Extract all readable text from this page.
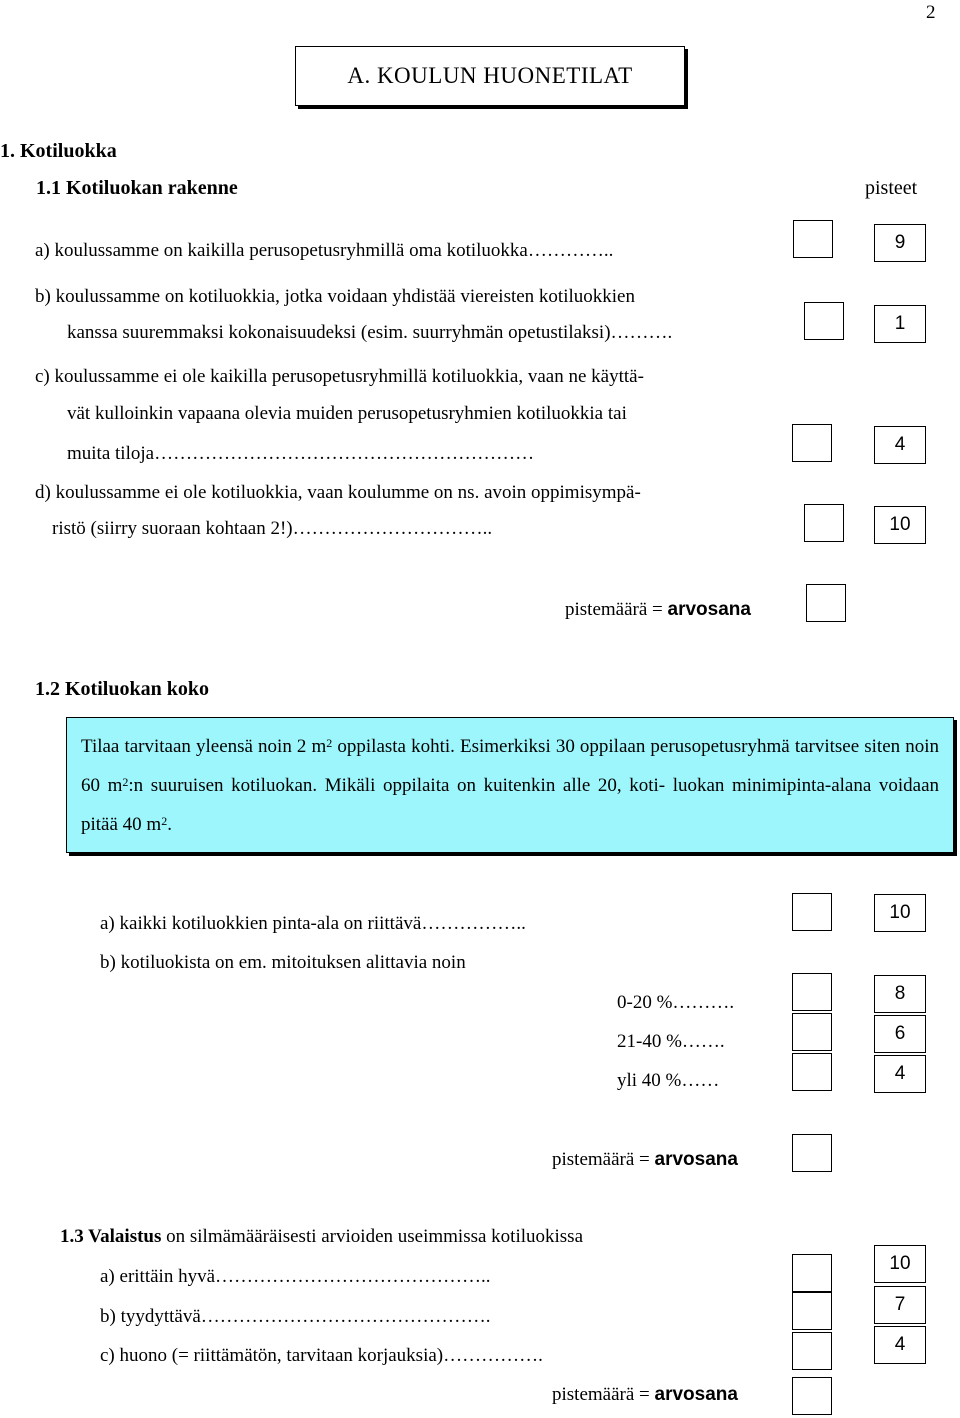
2
A. KOULUN HUONETILAT
1. Kotiluokka
1.1 Kotiluokan rakenne	pisteet
a) koulussamme on kaikilla perusopetusryhmillä oma kotiluokka…………..
b) koulussamme on kotiluokkia, jotka voidaan yhdistää viereisten kotiluokkien
kanssa suuremmaksi kokonaisuudeksi (esim. suurryhmän opetustilaksi)……….
c) koulussamme ei ole kaikilla perusopetusryhmillä kotiluokkia, vaan ne käyttä-
vät kulloinkin vapaana olevia muiden perusopetusryhmien kotiluokkia tai
muita tiloja……………………………………………………
d) koulussamme ei ole kotiluokkia, vaan koulumme on ns. avoin oppimisympä-
ristö (siirry suoraan kohtaan 2!)…………………………..
9
1
4
10
pistemäärä = arvosana
1.2 Kotiluokan koko
Tilaa tarvitaan yleensä noin 2 $m^2$ oppilasta kohti. Esimerkiksi 30 oppilaan perusopetusryhmä tarvitsee siten noin 60 $m^2:n$ suuruisen kotiluokan. Mikäli oppilaita on kuitenkin alle 20, koti- luokan minimipinta-alana voidaan pitää 40 $m^2$.
a) kaikki kotiluokkien pinta-ala on riittävä……………..
b) kotiluokista on em. mitoituksen alittavia noin
0-20 %……….
21-40 %…….
yli 40 %……
10
8
6
4
pistemäärä = arvosana
1.3 Valaistus on silmämääräisesti arvioiden useimmissa kotiluokissa
a) erittäin hyvä……………………………………..
b) tyydyttävä……………………………………….
c) huono (= riittämätön, tarvitaan korjauksia)…………….
10
7
4
pistemäärä = arvosana
